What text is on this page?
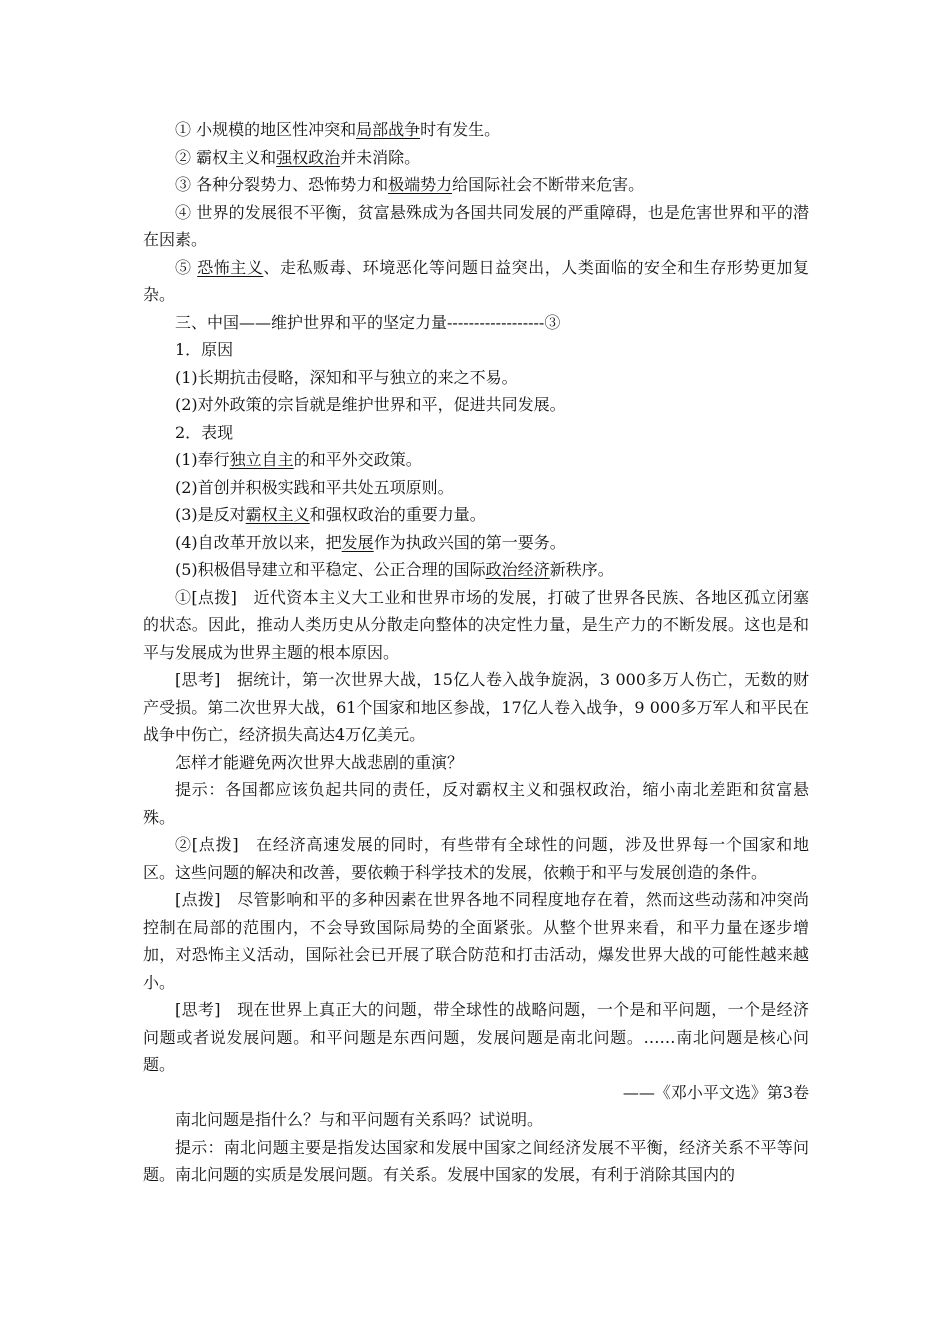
① 小规模的地区性冲突和局部战争时有发生。

② 霸权主义和强权政治并未消除。

③ 各种分裂势力、恐怖势力和极端势力给国际社会不断带来危害。

④ 世界的发展很不平衡，贫富悬殊成为各国共同发展的严重障碍，也是危害世界和平的潜在因素。

⑤ 恐怖主义、走私贩毒、环境恶化等问题日益突出，人类面临的安全和生存形势更加复杂。

三、中国——维护世界和平的坚定力量------------------③

1．原因

(1)长期抗击侵略，深知和平与独立的来之不易。

(2)对外政策的宗旨就是维护世界和平，促进共同发展。

2．表现

(1)奉行独立自主的和平外交政策。

(2)首创并积极实践和平共处五项原则。

(3)是反对霸权主义和强权政治的重要力量。

(4)自改革开放以来，把发展作为执政兴国的第一要务。

(5)积极倡导建立和平稳定、公正合理的国际政治经济新秩序。

①[点拨]　近代资本主义大工业和世界市场的发展，打破了世界各民族、各地区孤立闭塞的状态。因此，推动人类历史从分散走向整体的决定性力量，是生产力的不断发展。这也是和平与发展成为世界主题的根本原因。

[思考]　据统计，第一次世界大战，15亿人卷入战争旋涡，3 000多万人伤亡，无数的财产受损。第二次世界大战，61个国家和地区参战，17亿人卷入战争，9 000多万军人和平民在战争中伤亡，经济损失高达4万亿美元。

怎样才能避免两次世界大战悲剧的重演？

提示：各国都应该负起共同的责任，反对霸权主义和强权政治，缩小南北差距和贫富悬殊。

②[点拨]　在经济高速发展的同时，有些带有全球性的问题，涉及世界每一个国家和地区。这些问题的解决和改善，要依赖于科学技术的发展，依赖于和平与发展创造的条件。

[点拨]　尽管影响和平的多种因素在世界各地不同程度地存在着，然而这些动荡和冲突尚控制在局部的范围内，不会导致国际局势的全面紧张。从整个世界来看，和平力量在逐步增加，对恐怖主义活动，国际社会已开展了联合防范和打击活动，爆发世界大战的可能性越来越小。

[思考]　现在世界上真正大的问题，带全球性的战略问题，一个是和平问题，一个是经济问题或者说发展问题。和平问题是东西问题，发展问题是南北问题。……南北问题是核心问题。

——《邓小平文选》第3卷

南北问题是指什么？与和平问题有关系吗？试说明。

提示：南北问题主要是指发达国家和发展中国家之间经济发展不平衡，经济关系不平等问题。南北问题的实质是发展问题。有关系。发展中国家的发展，有利于消除其国内的
